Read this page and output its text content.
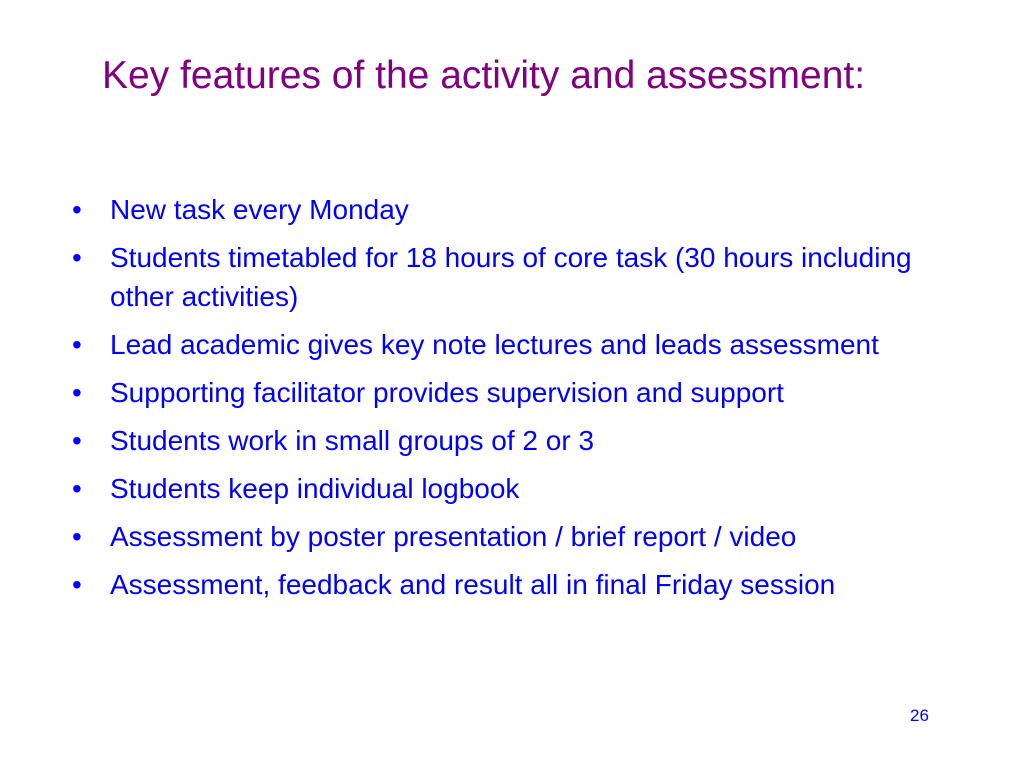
Key features of the activity and assessment:
•	New task every Monday
•	Students timetabled for 18 hours of core task (30 hours including other activities)
•	Lead academic gives key note lectures and leads assessment
•	Supporting facilitator provides supervision and support
•	Students work in small groups of 2 or 3
•	Students keep individual logbook
•	Assessment by poster presentation / brief report / video
•	Assessment, feedback and result all in final Friday session
26
